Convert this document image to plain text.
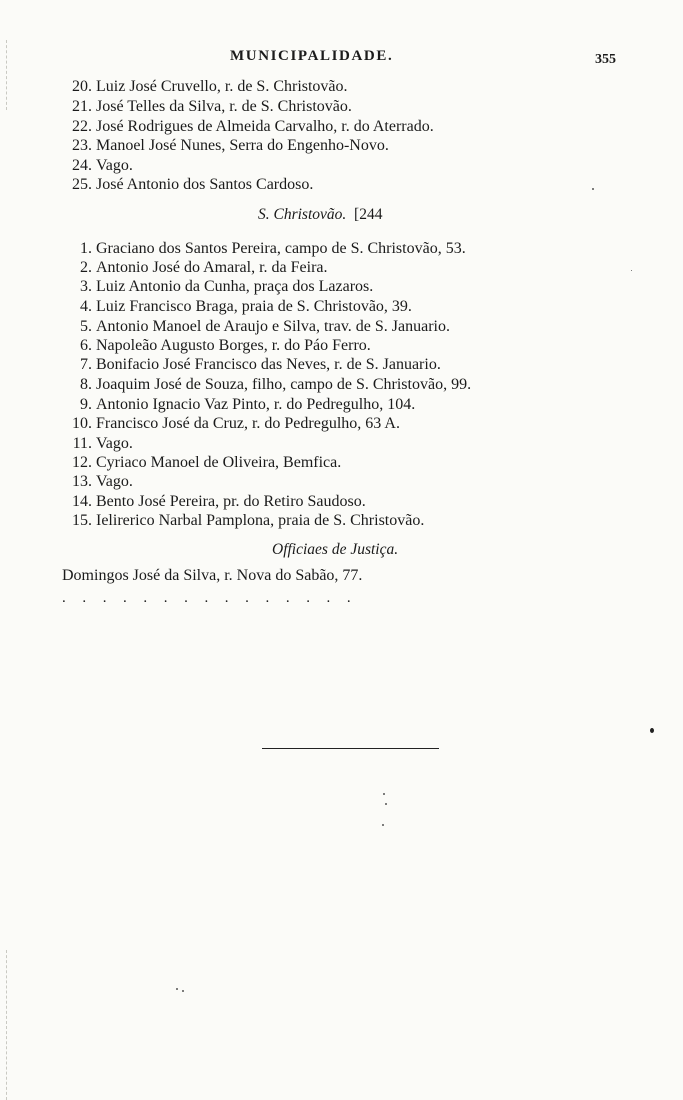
MUNICIPALIDADE.	355
20. Luiz José Cruvello, r. de S. Christovão.
21. José Telles da Silva, r. de S. Christovão.
22. José Rodrigues de Almeida Carvalho, r. do Aterrado.
23. Manoel José Nunes, Serra do Engenho-Novo.
24. Vago.
25. José Antonio dos Santos Cardoso.
S. Christovão. [244
1. Graciano dos Santos Pereira, campo de S. Christovão, 53.
2. Antonio José do Amaral, r. da Feira.
3. Luiz Antonio da Cunha, praça dos Lazaros.
4. Luiz Francisco Braga, praia de S. Christovão, 39.
5. Antonio Manoel de Araujo e Silva, trav. de S. Januario.
6. Napoleão Augusto Borges, r. do Páo Ferro.
7. Bonifacio José Francisco das Neves, r. de S. Januario.
8. Joaquim José de Souza, filho, campo de S. Christovão, 99.
9. Antonio Ignacio Vaz Pinto, r. do Pedregulho, 104.
10. Francisco José da Cruz, r. do Pedregulho, 63 A.
11. Vago.
12. Cyriaco Manoel de Oliveira, Bemfica.
13. Vago.
14. Bento José Pereira, pr. do Retiro Saudoso.
15. Ielirerico Narbal Pamplona, praia de S. Christovão.
Officiaes de Justiça.
Domingos José da Silva, r. Nova do Sabão, 77.
...............
